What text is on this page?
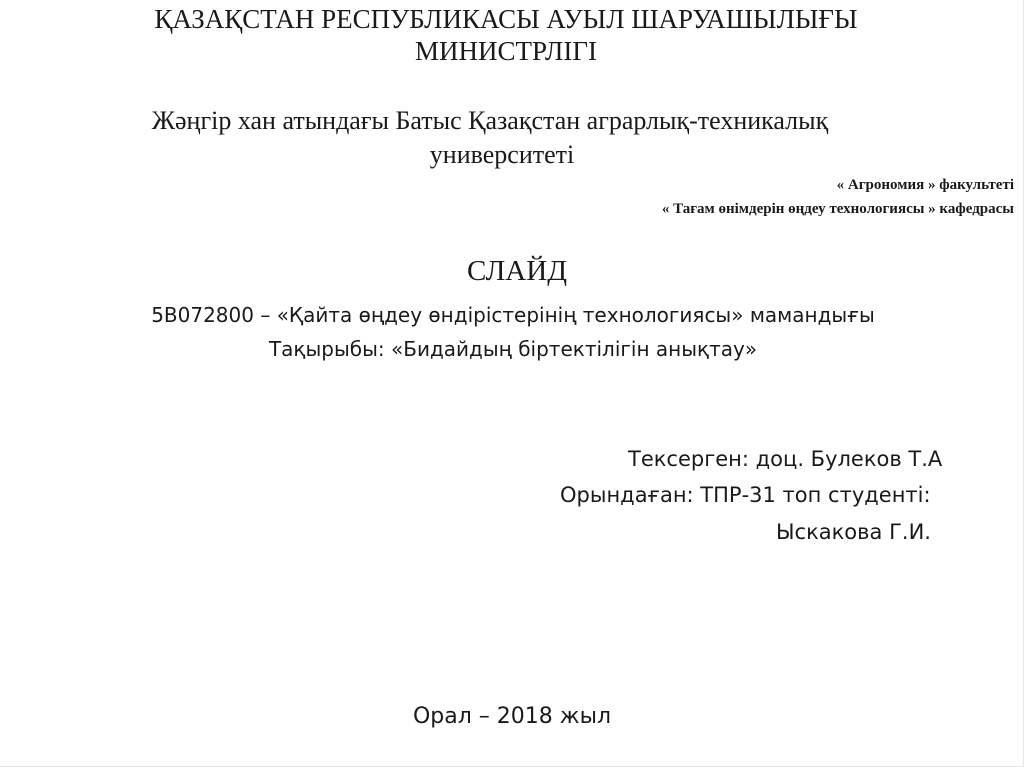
ҚАЗАҚСТАН РЕСПУБЛИКАСЫ АУЫЛ ШАРУАШЫЛЫҒЫ

МИНИСТРЛІГІ

Жәңгір хан атындағы Батыс Қазақстан аграрлық-техникалық

университеті

« Агрономия » факультеті

« Тағам өнімдерін өңдеу технологиясы » кафедрасы

СЛАЙД

5В072800 – «Қайта өңдеу өндірістерінің технологиясы» мамандығы

Тақырыбы: «Бидайдың біртектілігін анықтау»

Тексерген: доц. Булеков Т.А

Орындаған: ТПР-31 топ студенті:

Ыскакова Г.И.

Орал – 2018 жыл
